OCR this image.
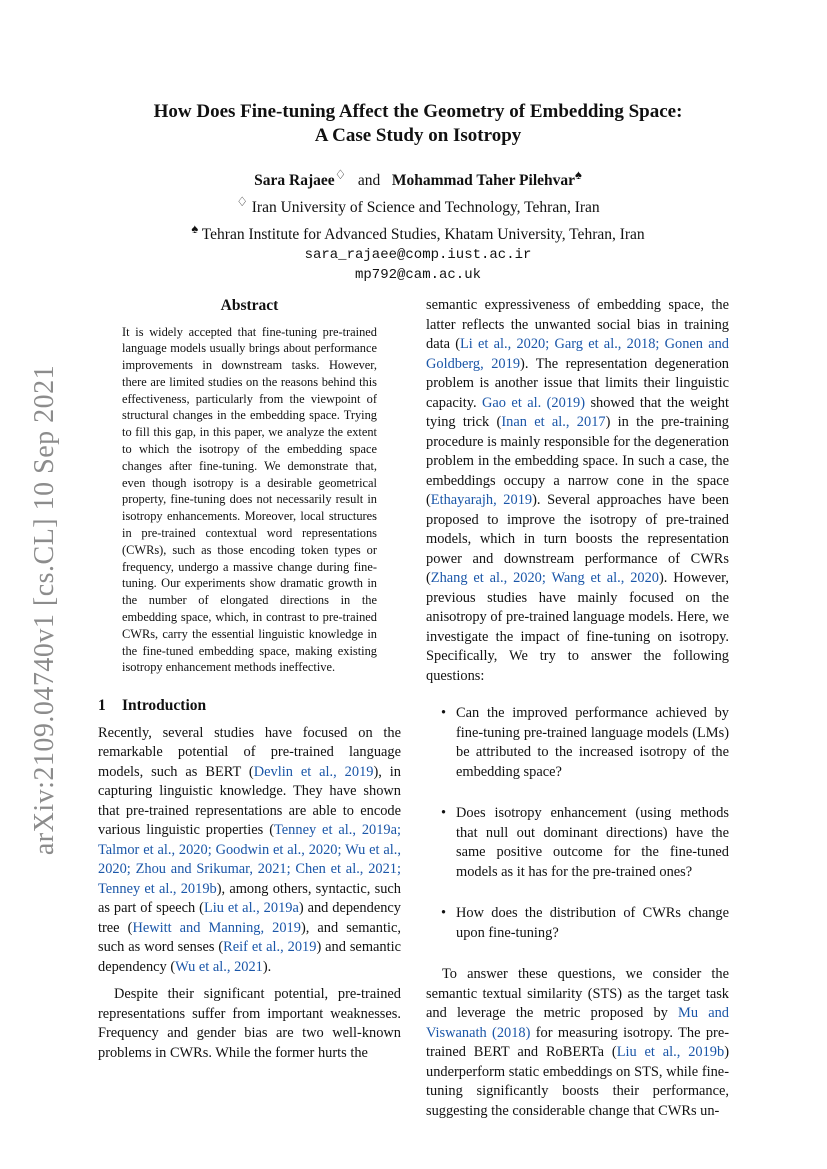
arXiv:2109.04740v1 [cs.CL] 10 Sep 2021
How Does Fine-tuning Affect the Geometry of Embedding Space:
A Case Study on Isotropy
Sara Rajaee♢ and Mohammad Taher Pilehvar♠
♢ Iran University of Science and Technology, Tehran, Iran
♠ Tehran Institute for Advanced Studies, Khatam University, Tehran, Iran
sara_rajaee@comp.iust.ac.ir
mp792@cam.ac.uk
Abstract
It is widely accepted that fine-tuning pre-trained language models usually brings about performance improvements in downstream tasks. However, there are limited studies on the reasons behind this effectiveness, particularly from the viewpoint of structural changes in the embedding space. Trying to fill this gap, in this paper, we analyze the extent to which the isotropy of the embedding space changes after fine-tuning. We demonstrate that, even though isotropy is a desirable geometrical property, fine-tuning does not necessarily result in isotropy enhancements. Moreover, local structures in pre-trained contextual word representations (CWRs), such as those encoding token types or frequency, undergo a massive change during fine-tuning. Our experiments show dramatic growth in the number of elongated directions in the embedding space, which, in contrast to pre-trained CWRs, carry the essential linguistic knowledge in the fine-tuned embedding space, making existing isotropy enhancement methods ineffective.
1 Introduction

Recently, several studies have focused on the remarkable potential of pre-trained language models, such as BERT (Devlin et al., 2019), in capturing linguistic knowledge. They have shown that pre-trained representations are able to encode various linguistic properties (Tenney et al., 2019a; Talmor et al., 2020; Goodwin et al., 2020; Wu et al., 2020; Zhou and Srikumar, 2021; Chen et al., 2021; Tenney et al., 2019b), among others, syntactic, such as part of speech (Liu et al., 2019a) and dependency tree (Hewitt and Manning, 2019), and semantic, such as word senses (Reif et al., 2019) and semantic dependency (Wu et al., 2021).

Despite their significant potential, pre-trained representations suffer from important weaknesses. Frequency and gender bias are two well-known problems in CWRs. While the former hurts the

semantic expressiveness of embedding space, the latter reflects the unwanted social bias in training data (Li et al., 2020; Garg et al., 2018; Gonen and Goldberg, 2019). The representation degeneration problem is another issue that limits their linguistic capacity. Gao et al. (2019) showed that the weight tying trick (Inan et al., 2017) in the pre-training procedure is mainly responsible for the degeneration problem in the embedding space. In such a case, the embeddings occupy a narrow cone in the space (Ethayarajh, 2019). Several approaches have been proposed to improve the isotropy of pre-trained models, which in turn boosts the representation power and downstream performance of CWRs (Zhang et al., 2020; Wang et al., 2020). However, previous studies have mainly focused on the anisotropy of pre-trained language models. Here, we investigate the impact of fine-tuning on isotropy. Specifically, We try to answer the following questions:

• Can the improved performance achieved by fine-tuning pre-trained language models (LMs) be attributed to the increased isotropy of the embedding space?
• Does isotropy enhancement (using methods that null out dominant directions) have the same positive outcome for the fine-tuned models as it has for the pre-trained ones?
• How does the distribution of CWRs change upon fine-tuning?

To answer these questions, we consider the semantic textual similarity (STS) as the target task and leverage the metric proposed by Mu and Viswanath (2018) for measuring isotropy. The pre-trained BERT and RoBERTa (Liu et al., 2019b) underperform static embeddings on STS, while fine-tuning significantly boosts their performance, suggesting the considerable change that CWRs un-
